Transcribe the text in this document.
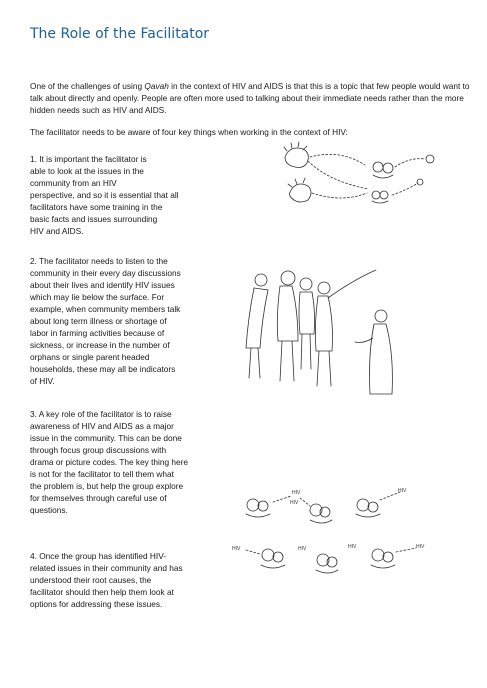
The Role of the Facilitator

One of the challenges of using Qavah in the context of HIV and AIDS is that this is a topic that few people would want to talk about directly and openly. People are often more used to talking about their immediate needs rather than the more hidden needs such as HIV and AIDS.

The facilitator needs to be aware of four key things when working in the context of HIV:

1. It is important the facilitator is
able to look at the issues in the
community from an HIV
perspective, and so it is essential that all
facilitators have some training in the
basic facts and issues surrounding
HIV and AIDS.
2. The facilitator needs to listen to the
community in their every day discussions
about their lives and identify HIV issues
which may lie below the surface. For
example, when community members talk
about long term illness or shortage of
labor in farming activities because of
sickness, or increase in the number of
orphans or single parent headed
households, these may all be indicators
of HIV.
3. A key role of the facilitator is to raise
awareness of HIV and AIDS as a major
issue in the community. This can be done
through focus group discussions with
drama or picture codes. The key thing here
is not for the facilitator to tell them what
the problem is, but help the group explore
for themselves through careful use of
questions.
4. Once the group has identified HIV-
related issues in their community and has
understood their root causes, the
facilitator should then help them look at
options for addressing these issues.
HIV
HIV
HIV
HIV	HIV	HIV	HIV
